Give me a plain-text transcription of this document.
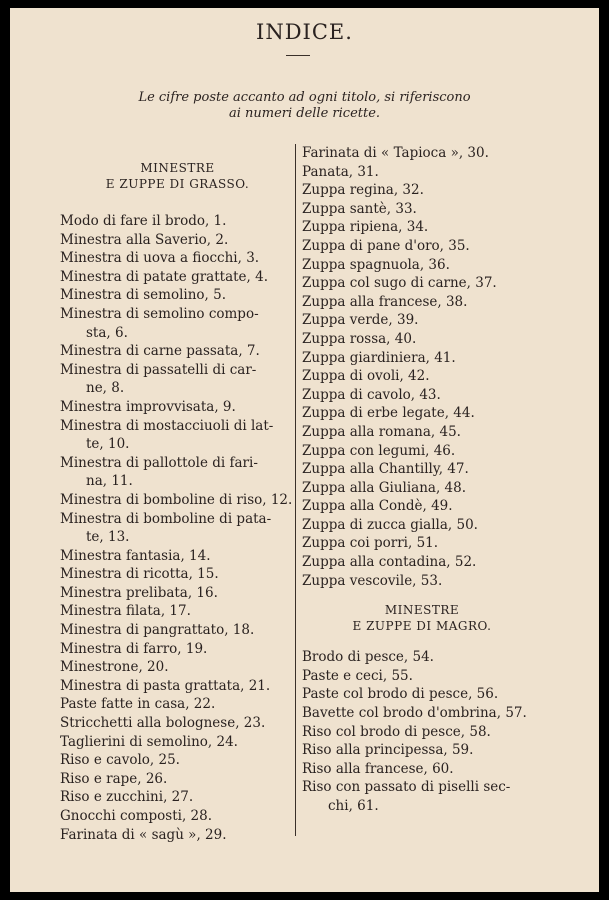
INDICE.
Le cifre poste accanto ad ogni titolo, si riferiscono
ai numeri delle ricette.
MINESTRE
E ZUPPE DI GRASSO.
Modo di fare il brodo, 1.
Minestra alla Saverio, 2.
Minestra di uova a fiocchi, 3.
Minestra di patate grattate, 4.
Minestra di semolino, 5.
Minestra di semolino compo-
sta, 6.
Minestra di carne passata, 7.
Minestra di passatelli di car-
ne, 8.
Minestra improvvisata, 9.
Minestra di mostacciuoli di lat-
te, 10.
Minestra di pallottole di fari-
na, 11.
Minestra di bomboline di riso, 12.
Minestra di bomboline di pata-
te, 13.
Minestra fantasia, 14.
Minestra di ricotta, 15.
Minestra prelibata, 16.
Minestra filata, 17.
Minestra di pangrattato, 18.
Minestra di farro, 19.
Minestrone, 20.
Minestra di pasta grattata, 21.
Paste fatte in casa, 22.
Stricchetti alla bolognese, 23.
Taglierini di semolino, 24.
Riso e cavolo, 25.
Riso e rape, 26.
Riso e zucchini, 27.
Gnocchi composti, 28.
Farinata di « sagù », 29.
Farinata di « Tapioca », 30.
Panata, 31.
Zuppa regina, 32.
Zuppa santè, 33.
Zuppa ripiena, 34.
Zuppa di pane d'oro, 35.
Zuppa spagnuola, 36.
Zuppa col sugo di carne, 37.
Zuppa alla francese, 38.
Zuppa verde, 39.
Zuppa rossa, 40.
Zuppa giardiniera, 41.
Zuppa di ovoli, 42.
Zuppa di cavolo, 43.
Zuppa di erbe legate, 44.
Zuppa alla romana, 45.
Zuppa con legumi, 46.
Zuppa alla Chantilly, 47.
Zuppa alla Giuliana, 48.
Zuppa alla Condè, 49.
Zuppa di zucca gialla, 50.
Zuppa coi porri, 51.
Zuppa alla contadina, 52.
Zuppa vescovile, 53.
MINESTRE
E ZUPPE DI MAGRO.
Brodo di pesce, 54.
Paste e ceci, 55.
Paste col brodo di pesce, 56.
Bavette col brodo d'ombrina, 57.
Riso col brodo di pesce, 58.
Riso alla principessa, 59.
Riso alla francese, 60.
Riso con passato di piselli sec-
chi, 61.
